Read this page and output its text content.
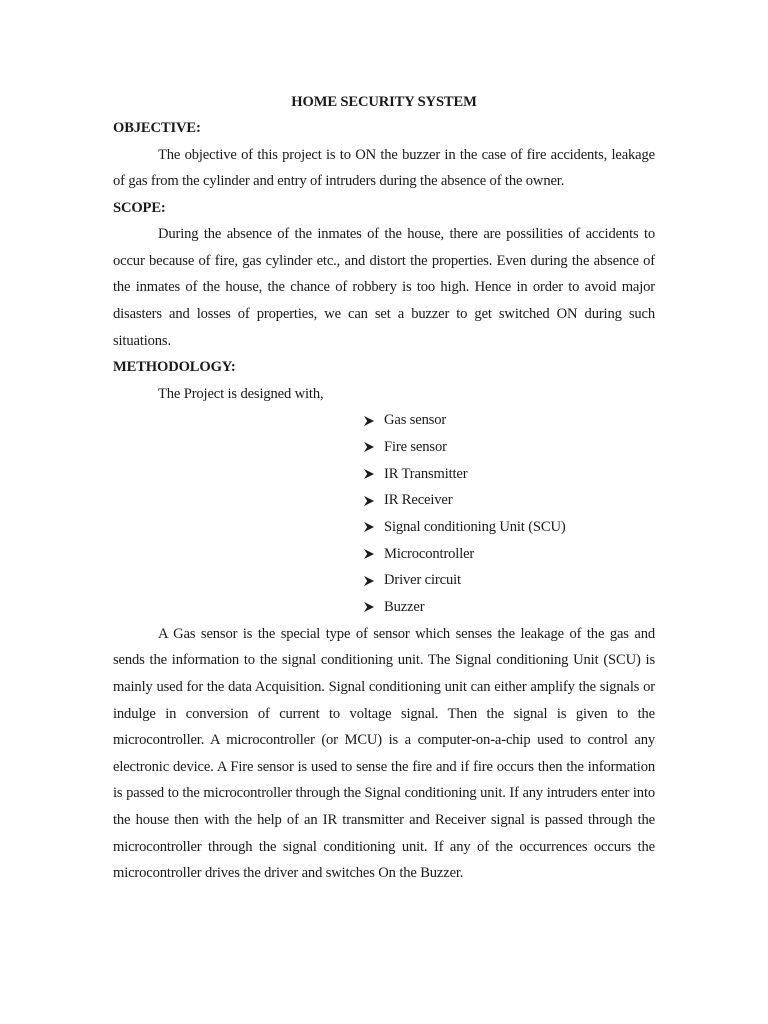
HOME SECURITY SYSTEM
OBJECTIVE:

The objective of this project is to ON the buzzer in the case of fire accidents, leakage of gas from the cylinder and entry of intruders during the absence of the owner.

SCOPE:

During the absence of the inmates of the house, there are possilities of accidents to occur because of fire, gas cylinder etc., and distort the properties. Even during the absence of the inmates of the house, the chance of robbery is too high. Hence in order to avoid major disasters and losses of properties, we can set a buzzer to get switched ON during such situations.

METHODOLOGY:
The Project is designed with,
Gas sensor
Fire sensor
IR Transmitter
IR Receiver
Signal conditioning Unit (SCU)
Microcontroller
Driver circuit
Buzzer

A Gas sensor is the special type of sensor which senses the leakage of the gas and sends the information to the signal conditioning unit. The Signal conditioning Unit (SCU) is mainly used for the data Acquisition. Signal conditioning unit can either amplify the signals or indulge in conversion of current to voltage signal. Then the signal is given to the microcontroller. A microcontroller (or MCU) is a computer-on-a-chip used to control any electronic device. A Fire sensor is used to sense the fire and if fire occurs then the information is passed to the microcontroller through the Signal conditioning unit. If any intruders enter into the house then with the help of an IR transmitter and Receiver signal is passed through the microcontroller through the signal conditioning unit. If any of the occurrences occurs the microcontroller drives the driver and switches On the Buzzer.
